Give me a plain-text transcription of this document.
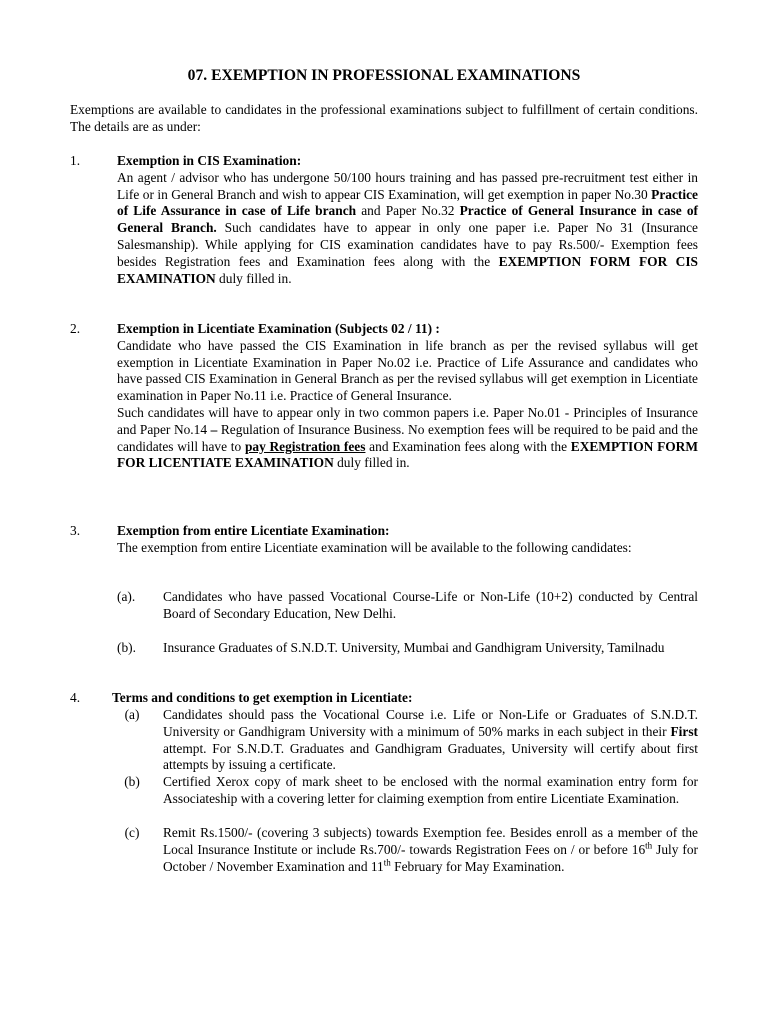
07. EXEMPTION IN PROFESSIONAL EXAMINATIONS
Exemptions are available to candidates in the professional examinations subject to fulfillment of certain conditions. The details are as under:
1.	Exemption in CIS Examination:
An agent / advisor who has undergone 50/100 hours training and has passed pre-recruitment test either in Life or in General Branch and wish to appear CIS Examination, will get exemption in paper No.30 Practice of Life Assurance in case of Life branch and Paper No.32 Practice of General Insurance in case of General Branch. Such candidates have to appear in only one paper i.e. Paper No 31 (Insurance Salesmanship). While applying for CIS examination candidates have to pay Rs.500/- Exemption fees besides Registration fees and Examination fees along with the EXEMPTION FORM FOR CIS EXAMINATION duly filled in.
2.	Exemption in Licentiate Examination (Subjects 02 / 11) :
Candidate who have passed the CIS Examination in life branch as per the revised syllabus will get exemption in Licentiate Examination in Paper No.02 i.e. Practice of Life Assurance and candidates who have passed CIS Examination in General Branch as per the revised syllabus will get exemption in Licentiate examination in Paper No.11 i.e. Practice of General Insurance.
Such candidates will have to appear only in two common papers i.e. Paper No.01 - Principles of Insurance and Paper No.14 – Regulation of Insurance Business. No exemption fees will be required to be paid and the candidates will have to pay Registration fees and Examination fees along with the EXEMPTION FORM FOR LICENTIATE EXAMINATION duly filled in.
3.	Exemption from entire Licentiate Examination:
The exemption from entire Licentiate examination will be available to the following candidates:
(a). Candidates who have passed Vocational Course-Life or Non-Life (10+2) conducted by Central Board of Secondary Education, New Delhi.
(b). Insurance Graduates of S.N.D.T. University, Mumbai and Gandhigram University, Tamilnadu
4. Terms and conditions to get exemption in Licentiate:
(a)	Candidates should pass the Vocational Course i.e. Life or Non-Life or Graduates of S.N.D.T. University or Gandhigram University with a minimum of 50% marks in each subject in their First attempt. For S.N.D.T. Graduates and Gandhigram Graduates, University will certify about first attempts by issuing a certificate.
(b)	Certified Xerox copy of mark sheet to be enclosed with the normal examination entry form for Associateship with a covering letter for claiming exemption from entire Licentiate Examination.
(c)	Remit Rs.1500/- (covering 3 subjects) towards Exemption fee. Besides enroll as a member of the Local Insurance Institute or include Rs.700/- towards Registration Fees on / or before 16th July for October / November Examination and 11th February for May Examination.
